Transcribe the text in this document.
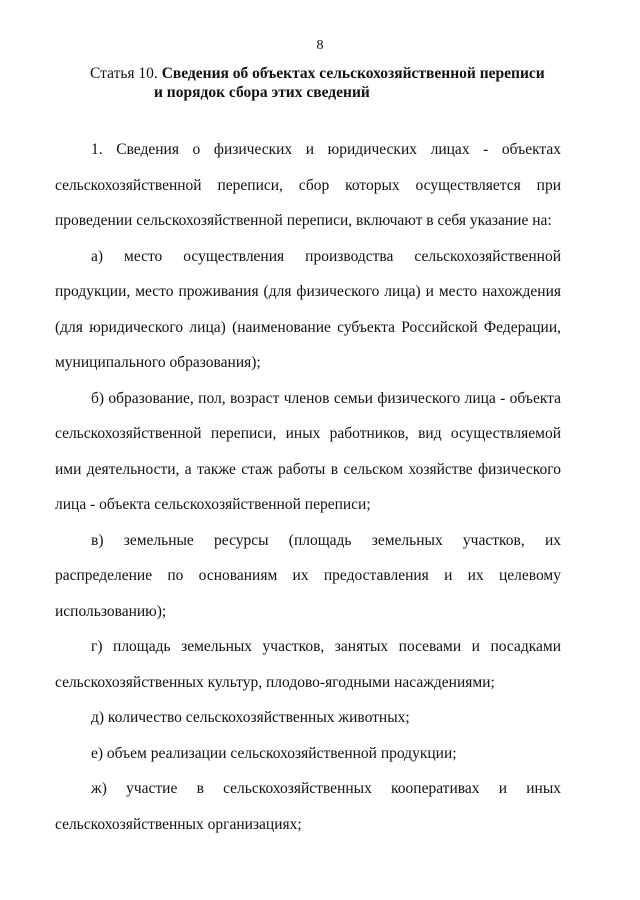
8
Статья 10. Сведения об объектах сельскохозяйственной переписи
и порядок сбора этих сведений

1. Сведения о физических и юридических лицах - объектах сельскохозяйственной переписи, сбор которых осуществляется при проведении сельскохозяйственной переписи, включают в себя указание на:

а) место осуществления производства сельскохозяйственной продукции, место проживания (для физического лица) и место нахождения (для юридического лица) (наименование субъекта Российской Федерации, муниципального образования);

б) образование, пол, возраст членов семьи физического лица - объекта сельскохозяйственной переписи, иных работников, вид осуществляемой ими деятельности, а также стаж работы в сельском хозяйстве физического лица - объекта сельскохозяйственной переписи;

в) земельные ресурсы (площадь земельных участков, их распределение по основаниям их предоставления и их целевому использованию);

г) площадь земельных участков, занятых посевами и посадками сельскохозяйственных культур, плодово-ягодными насаждениями;

д) количество сельскохозяйственных животных;

е) объем реализации сельскохозяйственной продукции;

ж) участие в сельскохозяйственных кооперативах и иных сельскохозяйственных организациях;
